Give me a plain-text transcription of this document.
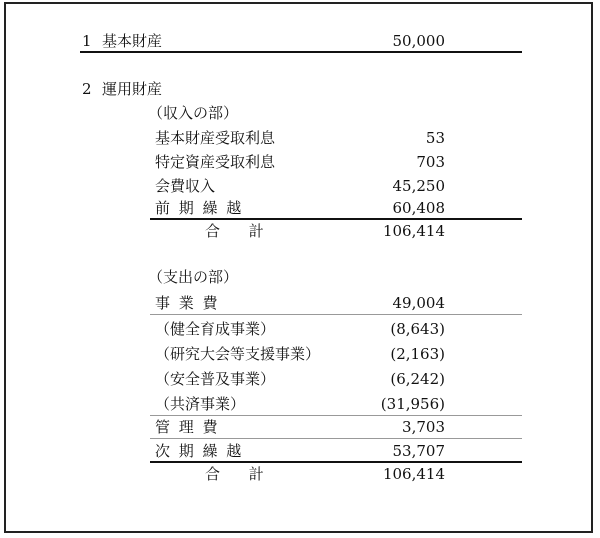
1 基本財産	50,000
2 運用財産
（収入の部）
基本財産受取利息	53
特定資産受取利息	703
会費収入	45,250
前 期 繰 越	60,408
合 計	106,414
（支出の部）
事 業 費	49,004
（健全育成事業）	(8,643)
（研究大会等支援事業）	(2,163)
（安全普及事業）	(6,242)
（共済事業）	(31,956)
管 理 費	3,703
次 期 繰 越	53,707
合 計	106,414
